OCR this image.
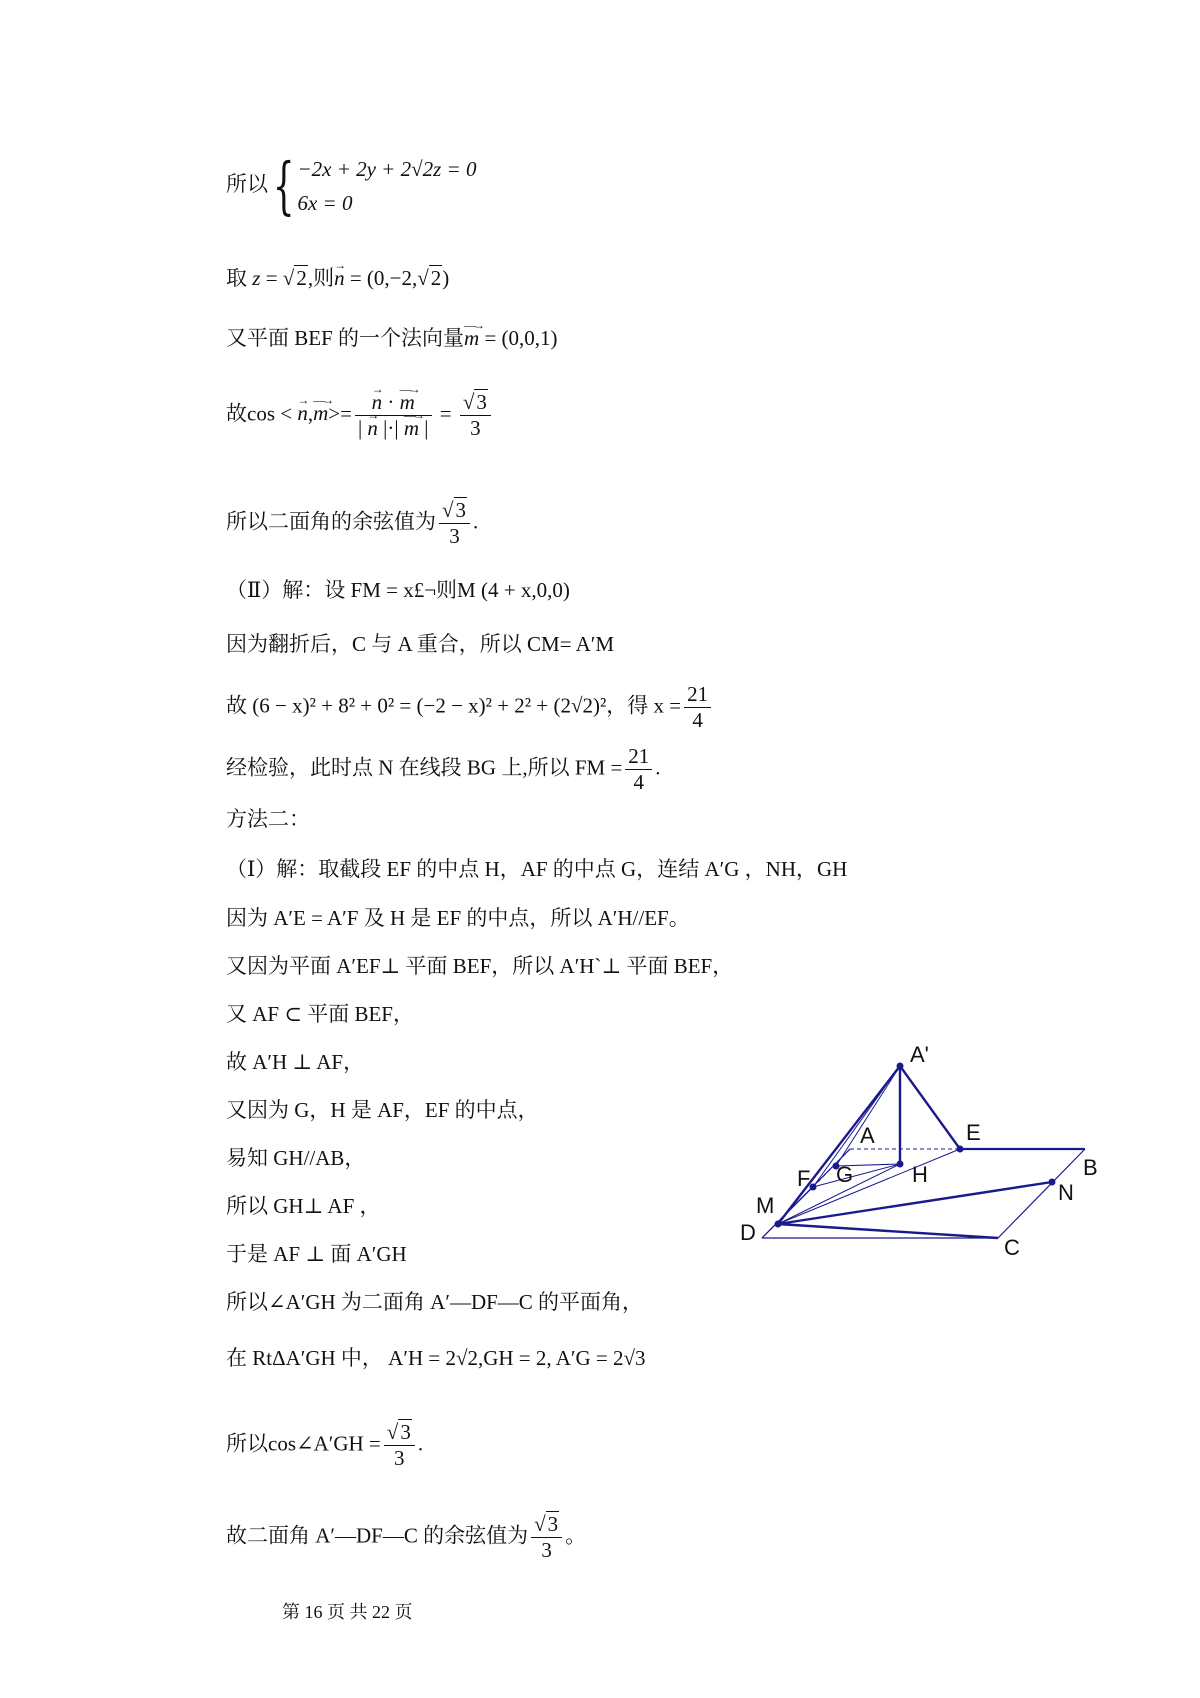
所以{ −2x + 2y + 2√2z = 0
6x = 0
取 z = √2,则→ n = (0,−2,√2)
又平面 BEF 的一个法向量—→ m = (0,0,1)
故cos < → n,—→ m>=
→ $\frac{n \cdot —\to m}{| \to n |\cdot| —\to m |} = \frac{√3}{3}$
所以二面角的余弦值为 $\frac{√3}{3}$ .
（Ⅱ）解：设 FM = x£¬则M (4 + x,0,0)
因为翻折后，C 与 A 重合，所以 CM= A′M
故 (6 − x)² + 8² + 0² = (−2 − x)² + 2² + (2√2)²，得 $x = \frac{21}{4}$
经检验，此时点 N 在线段 BG 上,所以 FM = $\frac{21}{4}$ .
方法二：
（Ⅰ）解：取截段 EF 的中点 H，AF 的中点 G，连结 A′G ，NH，GH
因为 A′E = A′F 及 H 是 EF 的中点，所以 A′H//EF。
又因为平面 A′EF⊥ 平面 BEF，所以 A′H`⊥ 平面 BEF，
又 AF ⊂ 平面 BEF，
故 A′H ⊥ AF，
又因为 G，H 是 AF，EF 的中点，
易知 GH//AB，
所以 GH⊥ AF ，
于是 AF ⊥ 面 A′GH
所以∠A′GH 为二面角 A′—DF—C 的平面角，
在 RtΔA′GH 中， A′H = 2√2,GH = 2, A′G = 2√3
所以cos∠A′GH = $\frac{√3}{3}$ .
故二面角 A′—DF—C 的余弦值为 $\frac{√3}{3}$ 。
A'
A	E
B
F G	H
N
M
D
C
第 16 页 共 22 页
